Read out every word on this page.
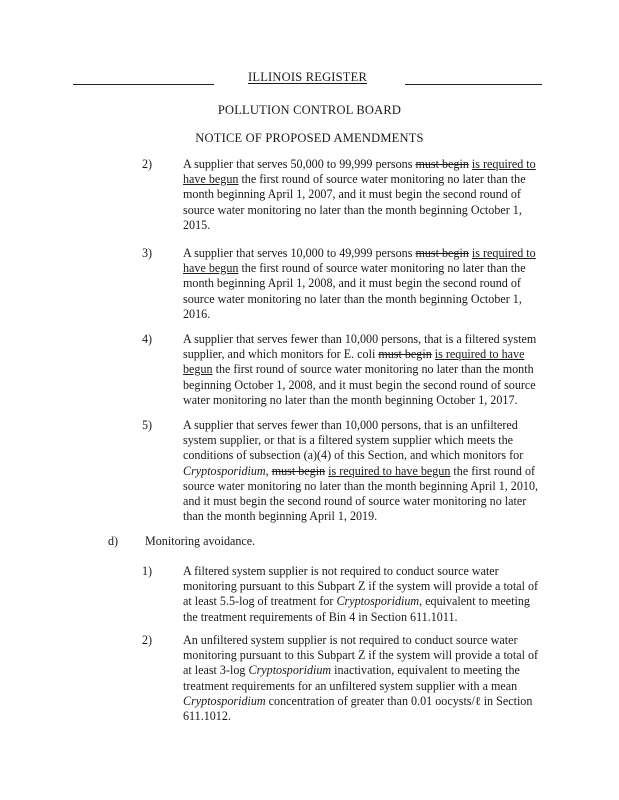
ILLINOIS REGISTER
POLLUTION CONTROL BOARD
NOTICE OF PROPOSED AMENDMENTS
2)	A supplier that serves 50,000 to 99,999 persons must begin is required to have begun the first round of source water monitoring no later than the month beginning April 1, 2007, and it must begin the second round of source water monitoring no later than the month beginning October 1, 2015.
3)	A supplier that serves 10,000 to 49,999 persons must begin is required to have begun the first round of source water monitoring no later than the month beginning April 1, 2008, and it must begin the second round of source water monitoring no later than the month beginning October 1, 2016.
4)	A supplier that serves fewer than 10,000 persons, that is a filtered system supplier, and which monitors for E. coli must begin is required to have begun the first round of source water monitoring no later than the month beginning October 1, 2008, and it must begin the second round of source water monitoring no later than the month beginning October 1, 2017.
5)	A supplier that serves fewer than 10,000 persons, that is an unfiltered system supplier, or that is a filtered system supplier which meets the conditions of subsection (a)(4) of this Section, and which monitors for Cryptosporidium, must begin is required to have begun the first round of source water monitoring no later than the month beginning April 1, 2010, and it must begin the second round of source water monitoring no later than the month beginning April 1, 2019.
d) Monitoring avoidance.
1)	A filtered system supplier is not required to conduct source water monitoring pursuant to this Subpart Z if the system will provide a total of at least 5.5-log of treatment for Cryptosporidium, equivalent to meeting the treatment requirements of Bin 4 in Section 611.1011.
2)	An unfiltered system supplier is not required to conduct source water monitoring pursuant to this Subpart Z if the system will provide a total of at least 3-log Cryptosporidium inactivation, equivalent to meeting the treatment requirements for an unfiltered system supplier with a mean Cryptosporidium concentration of greater than 0.01 oocysts/ℓ in Section 611.1012.
